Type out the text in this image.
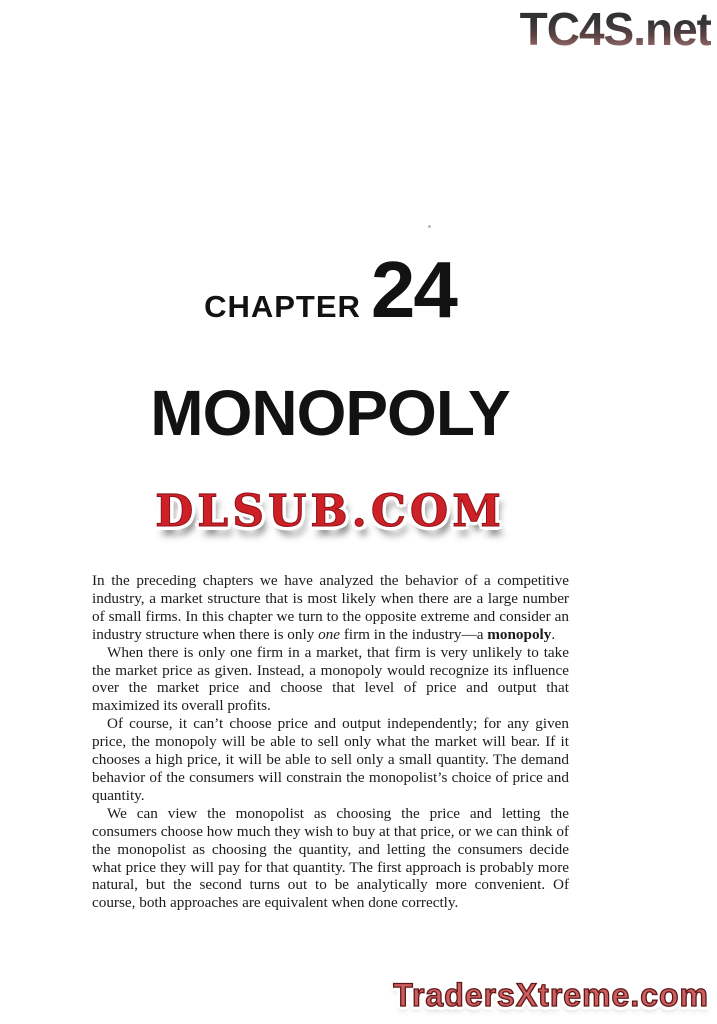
TC4S.net
CHAPTER 24
MONOPOLY
DLSUB.COM

In the preceding chapters we have analyzed the behavior of a competitive industry, a market structure that is most likely when there are a large number of small firms. In this chapter we turn to the opposite extreme and consider an industry structure when there is only one firm in the industry—a monopoly.

When there is only one firm in a market, that firm is very unlikely to take the market price as given. Instead, a monopoly would recognize its influence over the market price and choose that level of price and output that maximized its overall profits.

Of course, it can’t choose price and output independently; for any given price, the monopoly will be able to sell only what the market will bear. If it chooses a high price, it will be able to sell only a small quantity. The demand behavior of the consumers will constrain the monopolist’s choice of price and quantity.

We can view the monopolist as choosing the price and letting the consumers choose how much they wish to buy at that price, or we can think of the monopolist as choosing the quantity, and letting the consumers decide what price they will pay for that quantity. The first approach is probably more natural, but the second turns out to be analytically more convenient. Of course, both approaches are equivalent when done correctly.

TradersXtreme.com
